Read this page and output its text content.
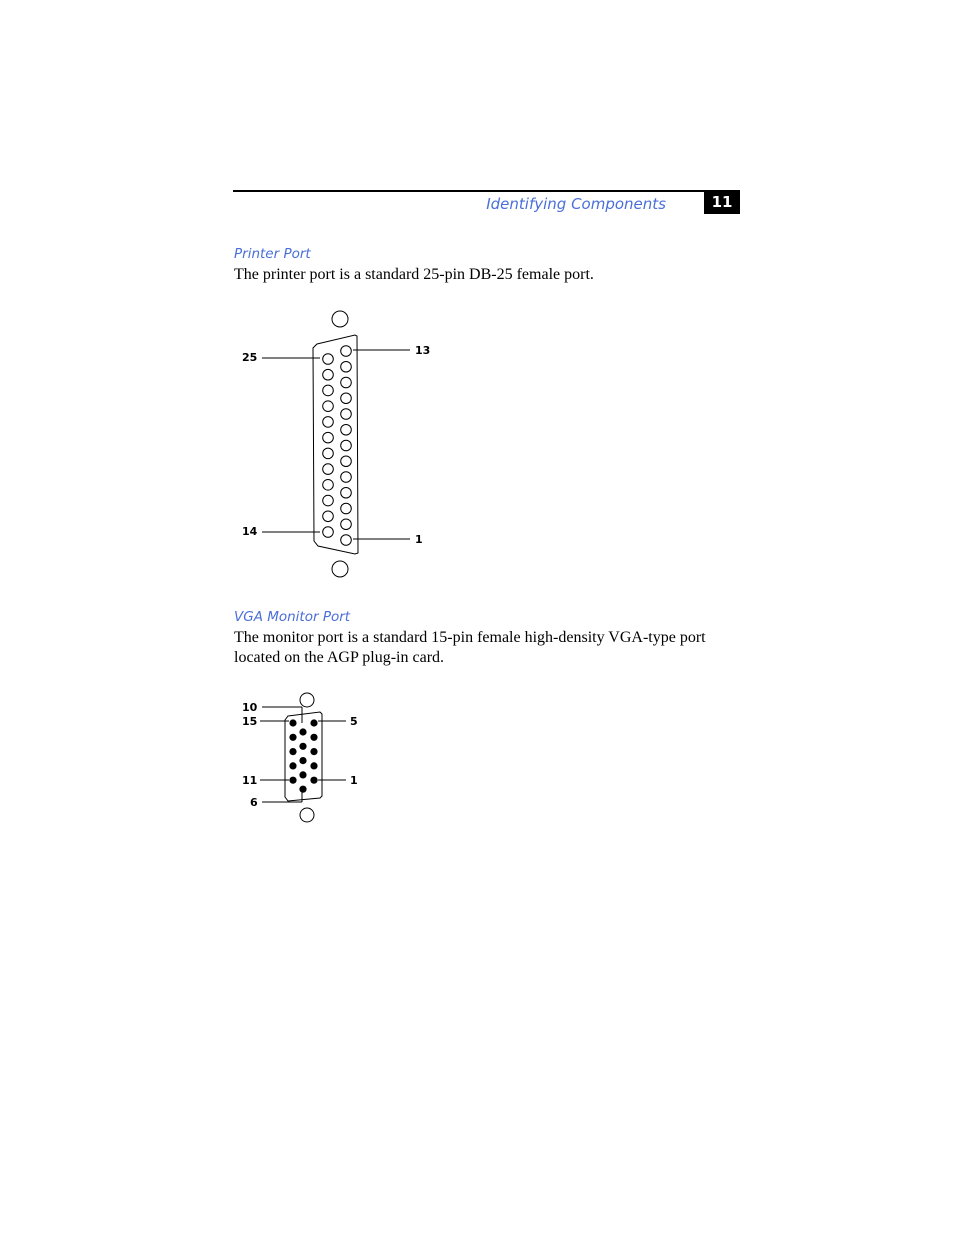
Identifying Components	11
Printer Port
The printer port is a standard 25-pin DB-25 female port.
13
25
14
1
VGA Monitor Port
The monitor port is a standard 15-pin female high-density VGA-type port located on the AGP plug-in card.
10
15	5
11	1
6
